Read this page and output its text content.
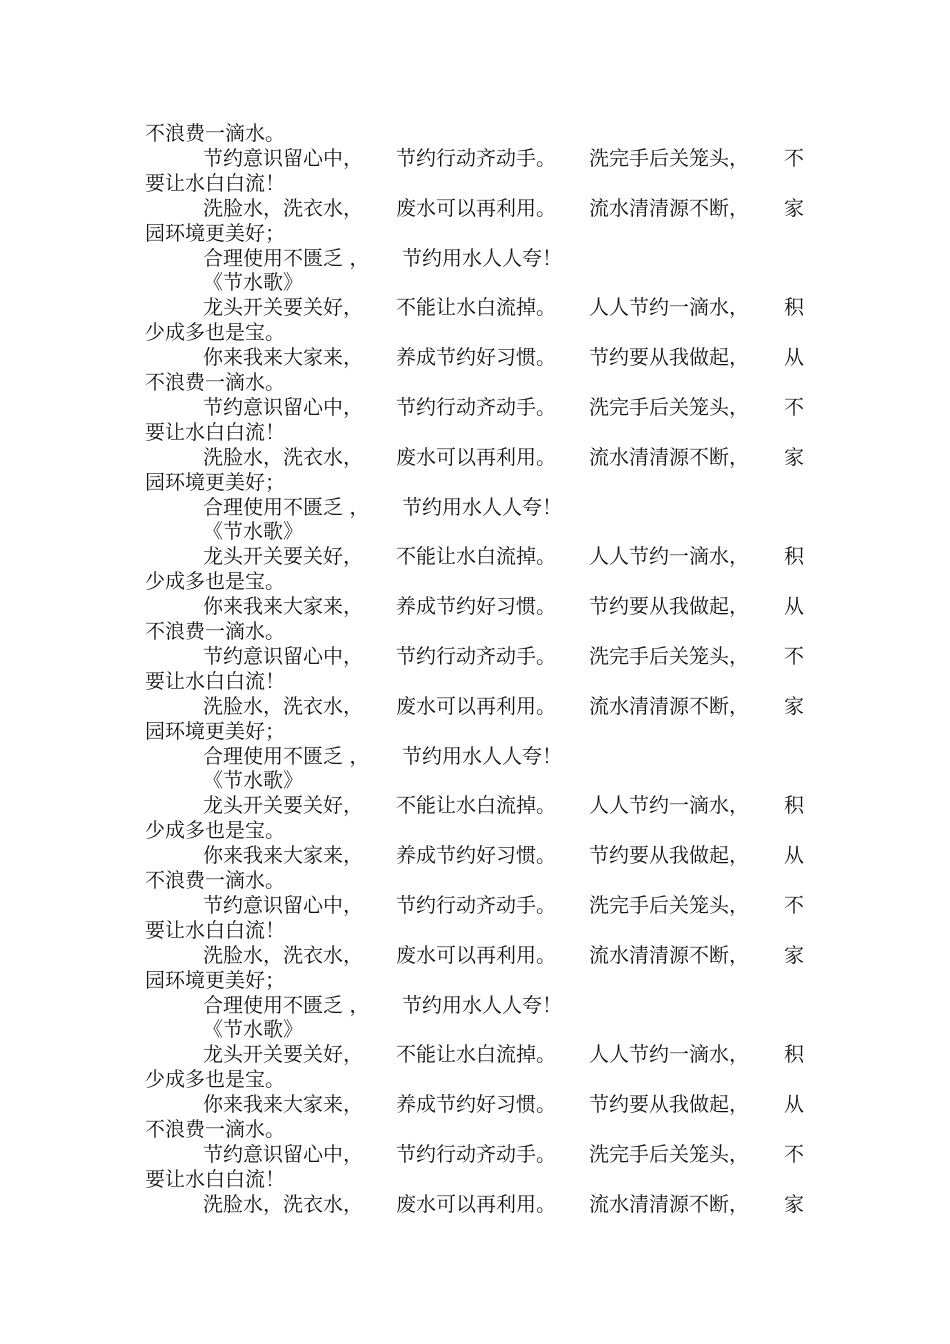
不浪费一滴水。
节约意识留心中， 节约行动齐动手。 洗完手后关笼头， 不
要让水白白流！
洗脸水，洗衣水， 废水可以再利用。 流水清清源不断， 家
园环境更美好；
合理使用不匮乏 ， 节约用水人人夸！
《节水歌》
龙头开关要关好， 不能让水白流掉。 人人节约一滴水， 积
少成多也是宝。
你来我来大家来， 养成节约好习惯。 节约要从我做起， 从
不浪费一滴水。
节约意识留心中， 节约行动齐动手。 洗完手后关笼头， 不
要让水白白流！
洗脸水，洗衣水， 废水可以再利用。 流水清清源不断， 家
园环境更美好；
合理使用不匮乏 ， 节约用水人人夸！
《节水歌》
龙头开关要关好， 不能让水白流掉。 人人节约一滴水， 积
少成多也是宝。
你来我来大家来， 养成节约好习惯。 节约要从我做起， 从
不浪费一滴水。
节约意识留心中， 节约行动齐动手。 洗完手后关笼头， 不
要让水白白流！
洗脸水，洗衣水， 废水可以再利用。 流水清清源不断， 家
园环境更美好；
合理使用不匮乏 ， 节约用水人人夸！
《节水歌》
龙头开关要关好， 不能让水白流掉。 人人节约一滴水， 积
少成多也是宝。
你来我来大家来， 养成节约好习惯。 节约要从我做起， 从
不浪费一滴水。
节约意识留心中， 节约行动齐动手。 洗完手后关笼头， 不
要让水白白流！
洗脸水，洗衣水， 废水可以再利用。 流水清清源不断， 家
园环境更美好；
合理使用不匮乏 ， 节约用水人人夸！
《节水歌》
龙头开关要关好， 不能让水白流掉。 人人节约一滴水， 积
少成多也是宝。
你来我来大家来， 养成节约好习惯。 节约要从我做起， 从
不浪费一滴水。
节约意识留心中， 节约行动齐动手。 洗完手后关笼头， 不
要让水白白流！
洗脸水，洗衣水， 废水可以再利用。 流水清清源不断， 家
